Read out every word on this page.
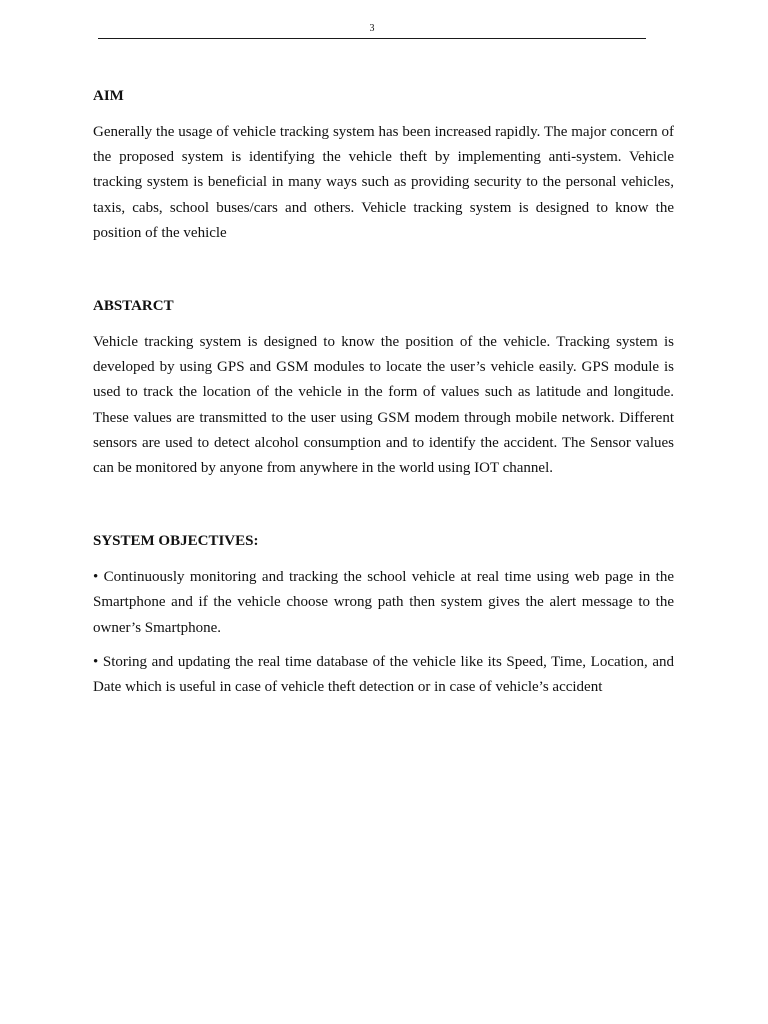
3
AIM

Generally the usage of vehicle tracking system has been increased rapidly. The major concern of the proposed system is identifying the vehicle theft by implementing anti-system. Vehicle tracking system is beneficial in many ways such as providing security to the personal vehicles, taxis, cabs, school buses/cars and others. Vehicle tracking system is designed to know the position of the vehicle

ABSTARCT

Vehicle tracking system is designed to know the position of the vehicle. Tracking system is developed by using GPS and GSM modules to locate the user’s vehicle easily. GPS module is used to track the location of the vehicle in the form of values such as latitude and longitude. These values are transmitted to the user using GSM modem through mobile network. Different sensors are used to detect alcohol consumption and to identify the accident. The Sensor values can be monitored by anyone from anywhere in the world using IOT channel.

SYSTEM OBJECTIVES:

• Continuously monitoring and tracking the school vehicle at real time using web page in the Smartphone and if the vehicle choose wrong path then system gives the alert message to the owner’s Smartphone.

• Storing and updating the real time database of the vehicle like its Speed, Time, Location, and Date which is useful in case of vehicle theft detection or in case of vehicle’s accident
